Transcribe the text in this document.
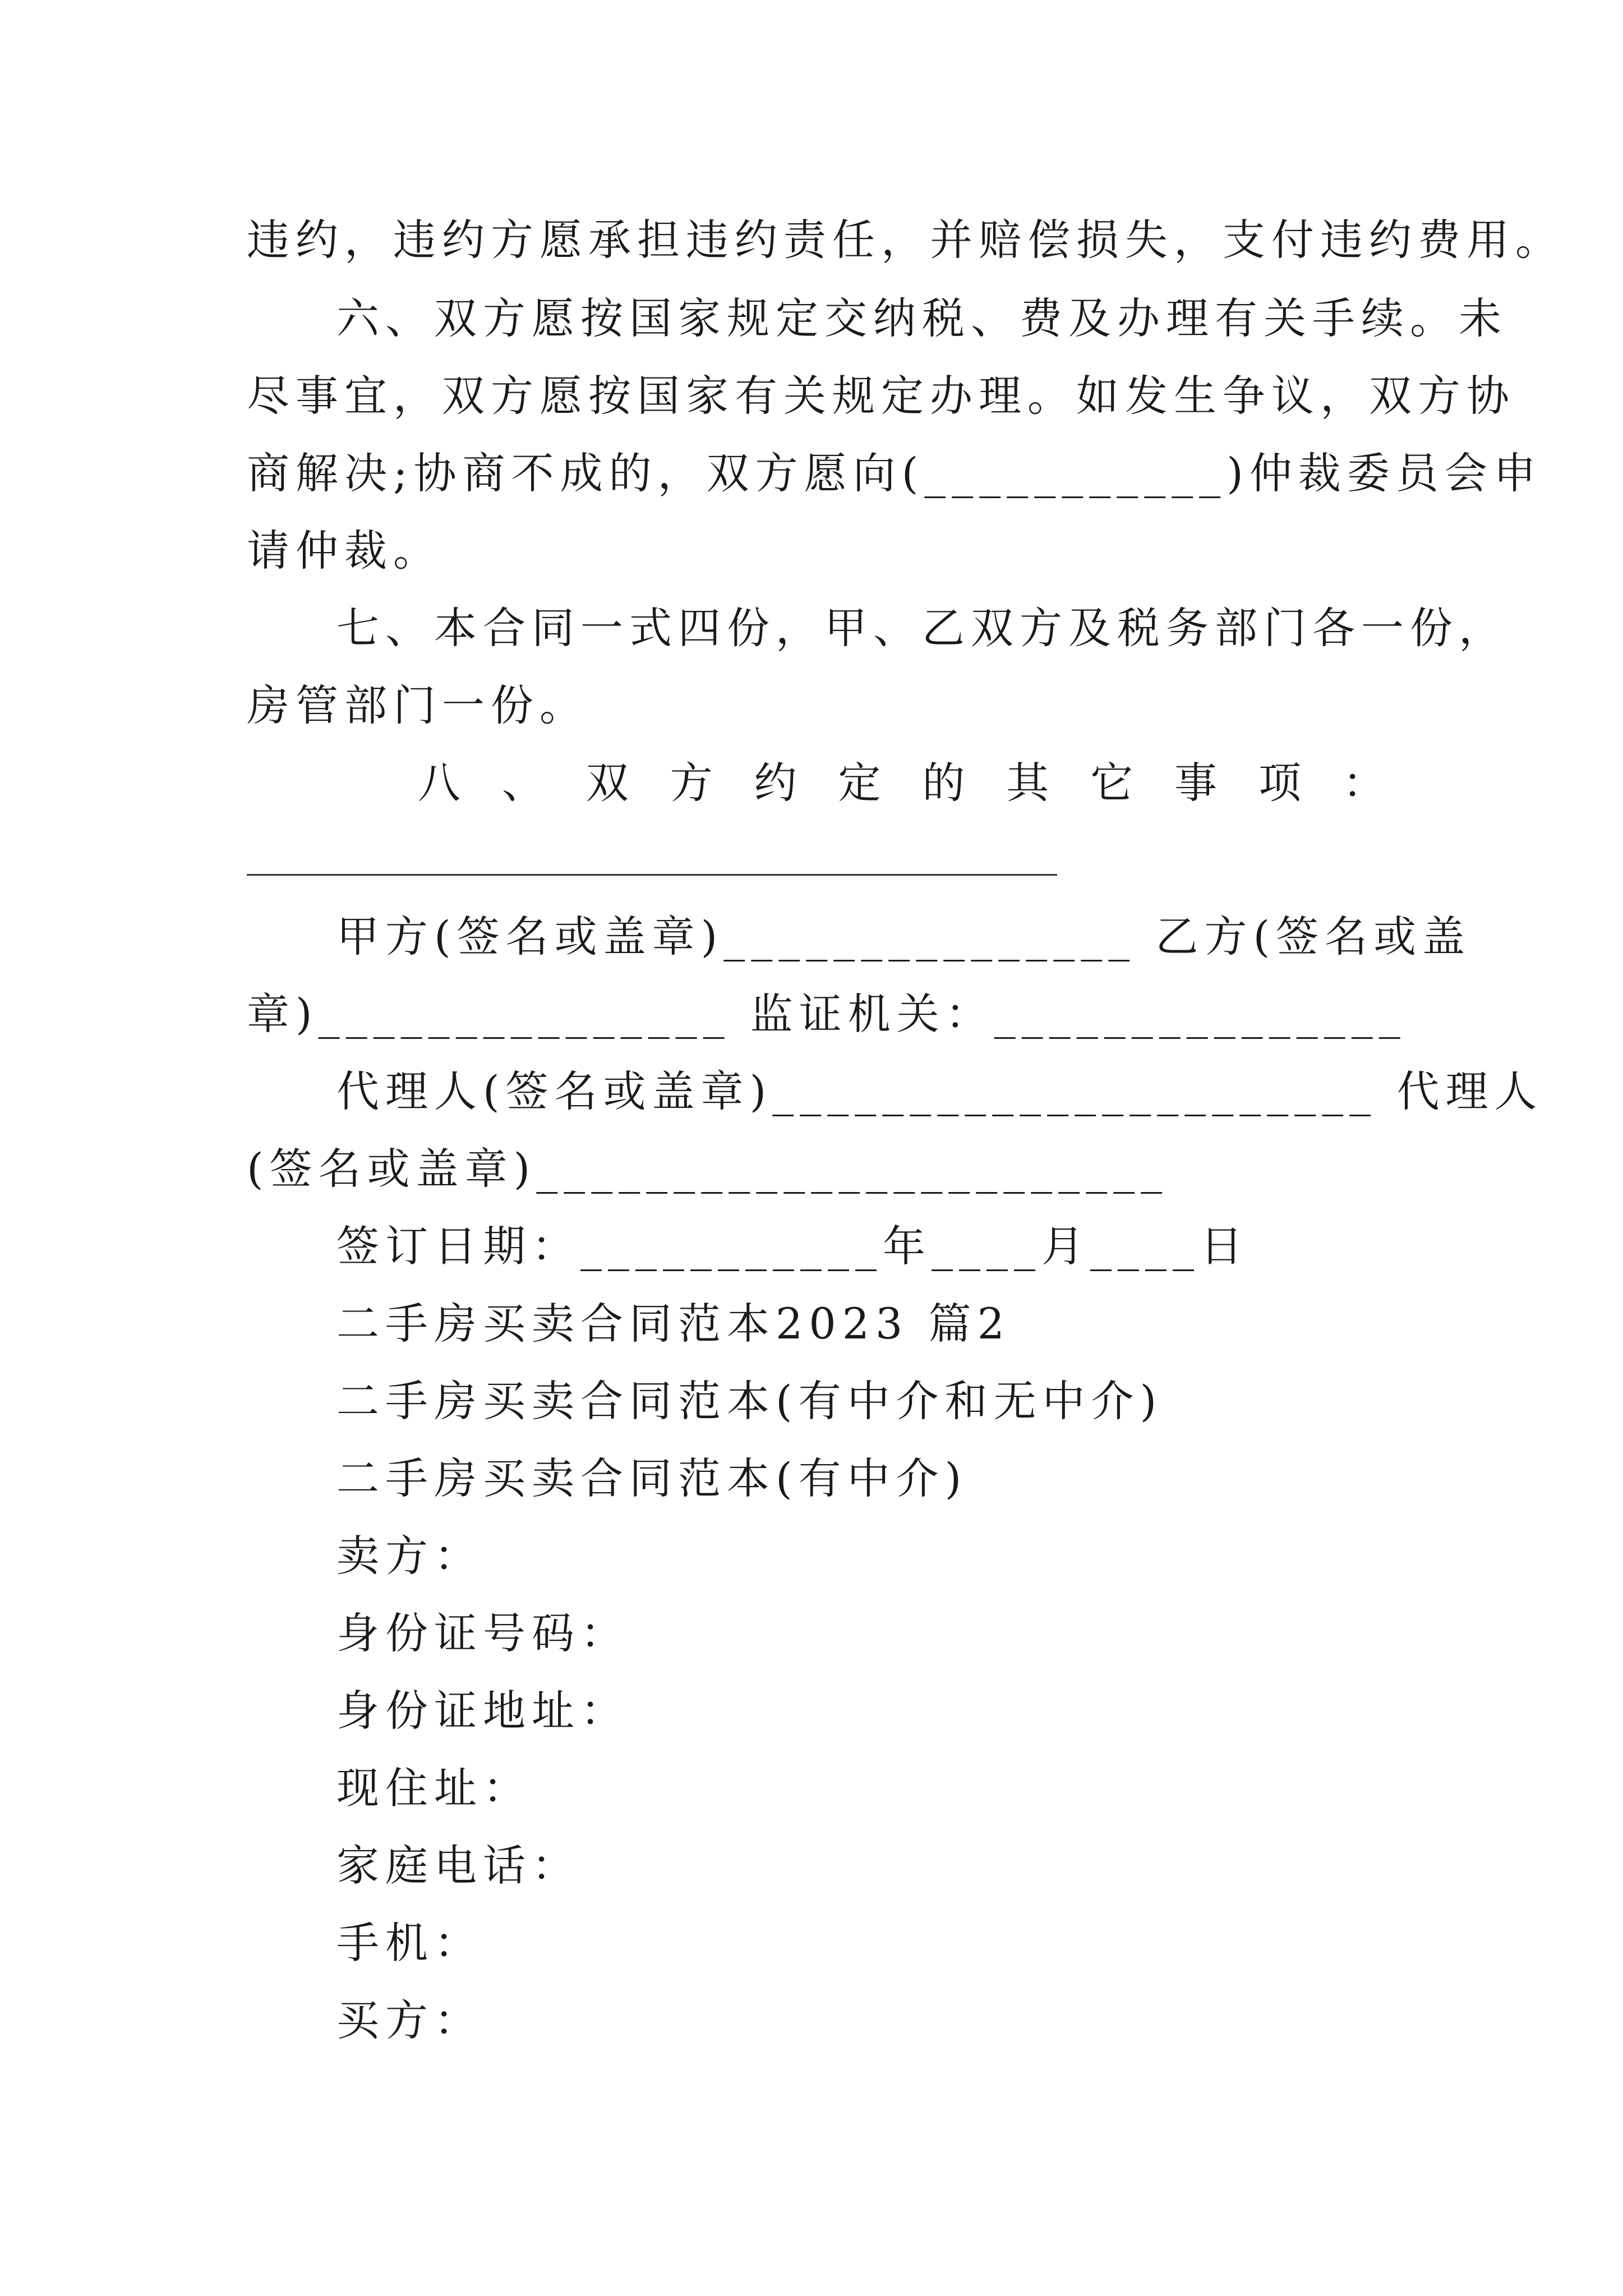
违约，违约方愿承担违约责任，并赔偿损失，支付违约费用。
六、双方愿按国家规定交纳税、费及办理有关手续。未
尽事宜，双方愿按国家有关规定办理。如发生争议，双方协
商解决;协商不成的，双方愿向(___________)仲裁委员会申
请仲裁。
七、本合同一式四份，甲、乙双方及税务部门各一份，
房管部门一份。
八 、 双 方 约 定 的 其 它 事 项 ：
甲方(签名或盖章)_______________ 乙方(签名或盖
章)_______________ 监证机关：_______________
代理人(签名或盖章)______________________ 代理人
(签名或盖章)_______________________
签订日期：___________年____月____日
二手房买卖合同范本2023 篇2
二手房买卖合同范本(有中介和无中介)
二手房买卖合同范本(有中介)
卖方：
身份证号码：
身份证地址：
现住址：
家庭电话：
手机：
买方：
